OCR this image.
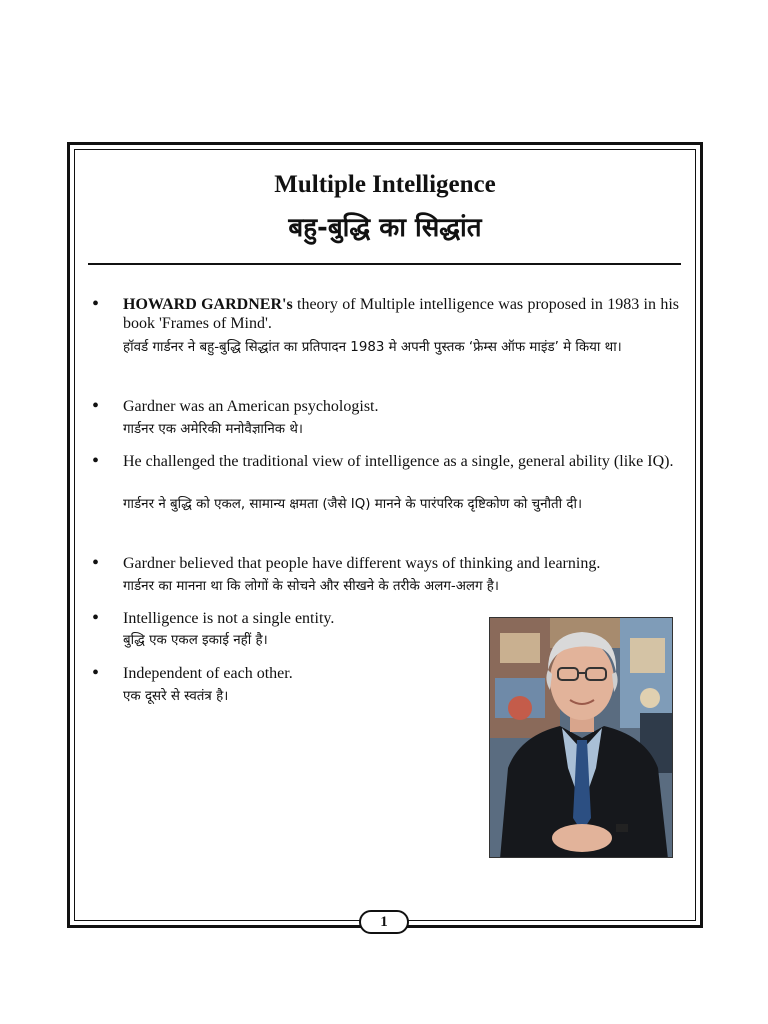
Multiple Intelligence
बहु-बुद्धि का सिद्धांत
• HOWARD GARDNER's theory of Multiple intelligence was proposed in 1983 in his book 'Frames of Mind'.
हॉवर्ड गार्डनर ने बहु-बुद्धि सिद्धांत का प्रतिपादन 1983 मे अपनी पुस्तक ‘फ्रेम्स ऑफ माइंड’ मे किया था।
• Gardner was an American psychologist.
गार्डनर एक अमेरिकी मनोवैज्ञानिक थे।
• He challenged the traditional view of intelligence as a single, general ability (like IQ).
गार्डनर ने बुद्धि को एकल, सामान्य क्षमता (जैसे IQ) मानने के पारंपरिक दृष्टिकोण को चुनौती दी।
• Gardner believed that people have different ways of thinking and learning.
गार्डनर का मानना था कि लोगों के सोचने और सीखने के तरीके अलग-अलग है।
• Intelligence is not a single entity.
बुद्धि एक एकल इकाई नहीं है।
• Independent of each other.
एक दूसरे से स्वतंत्र है।
1
